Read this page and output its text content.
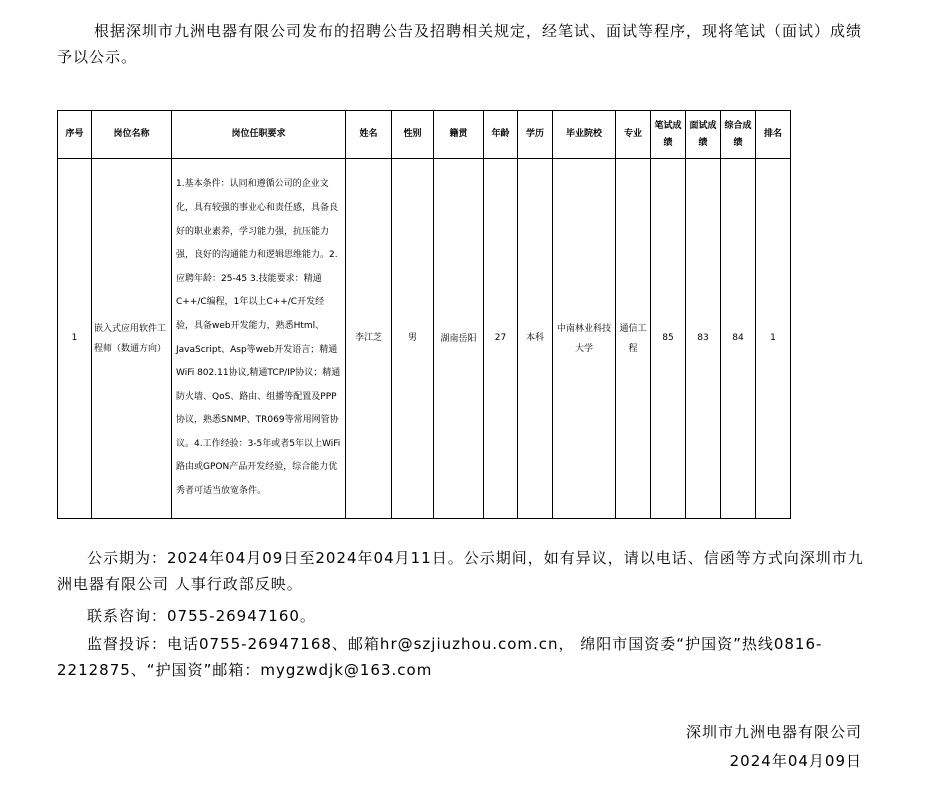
根据深圳市九洲电器有限公司发布的招聘公告及招聘相关规定，经笔试、面试等程序，现将笔试（面试）成绩予以公示。
序号	岗位名称	岗位任职要求	姓名	性别	籍贯	年龄	学历	毕业院校	专业	笔试成绩	面试成绩	综合成绩	排名
1	嵌入式应用软件工程师（数通方向）	1.基本条件：认同和遵循公司的企业文化，具有较强的事业心和责任感，具备良好的职业素养，学习能力强，抗压能力强，良好的沟通能力和逻辑思维能力。2.应聘年龄：25-45 3.技能要求：精通C++/C编程，1年以上C++/C开发经验，具备web开发能力，熟悉Html、JavaScript、Asp等web开发语言；精通WiFi 802.11协议,精通TCP/IP协议；精通防火墙、QoS、路由、组播等配置及PPP协议，熟悉SNMP、TR069等常用网管协议。4.工作经验：3-5年或者5年以上WiFi路由或GPON产品开发经验，综合能力优秀者可适当放宽条件。	李江芝	男	湖南岳阳	27	本科	中南林业科技大学	通信工程	85	83	84	1
公示期为：2024年04月09日至2024年04月11日。公示期间，如有异议，请以电话、信函等方式向深圳市九洲电器有限公司 人事行政部反映。
联系咨询：0755-26947160。
监督投诉：电话0755-26947168、邮箱hr@szjiuzhou.com.cn， 绵阳市国资委“护国资”热线0816-2212875、“护国资”邮箱：mygzwdjk@163.com
深圳市九洲电器有限公司
2024年04月09日
